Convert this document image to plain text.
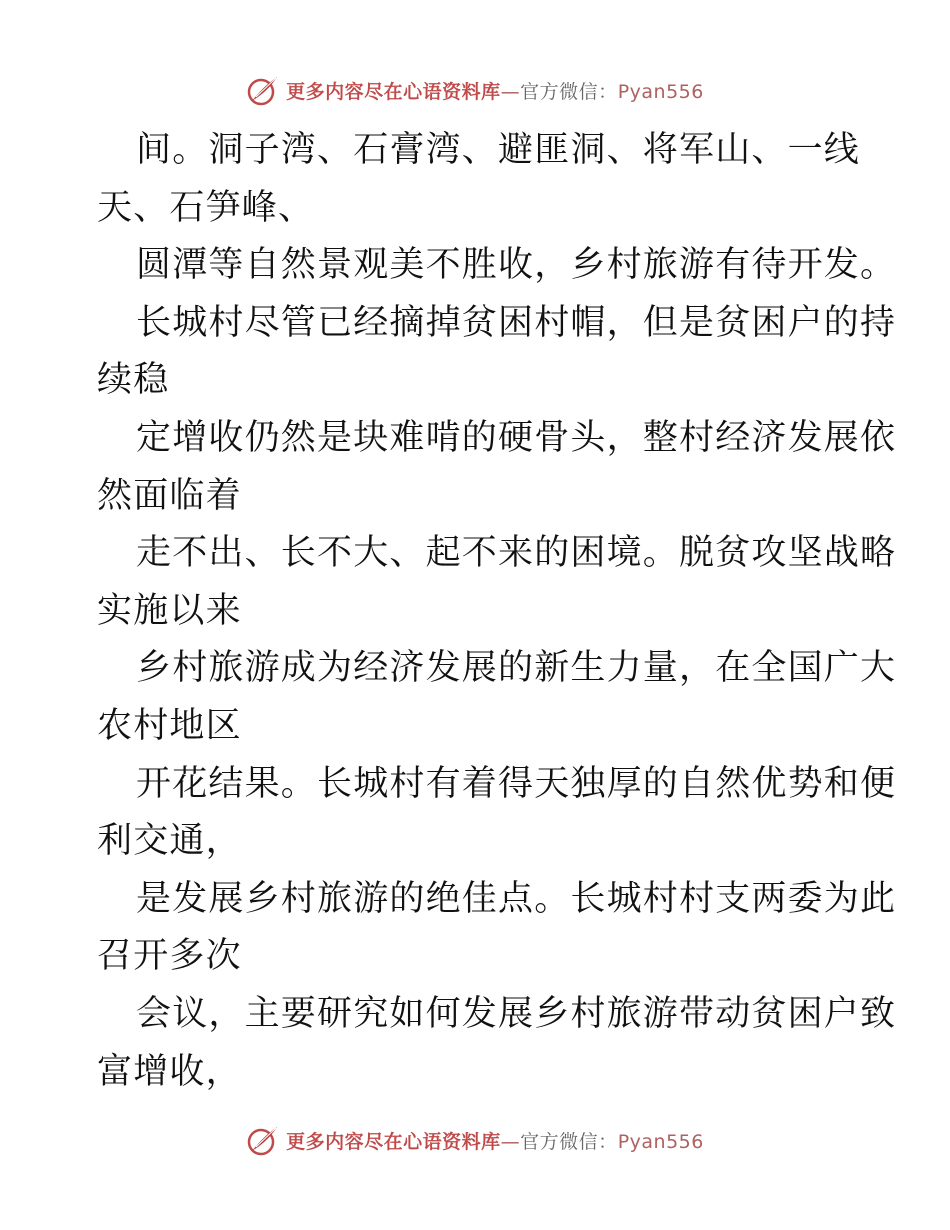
更多内容尽在心语资料库—官方微信：Pyan556
间。洞子湾、石膏湾、避匪洞、将军山、一线
天、石笋峰、
圆潭等自然景观美不胜收，乡村旅游有待开发。
长城村尽管已经摘掉贫困村帽，但是贫困户的持
续稳
定增收仍然是块难啃的硬骨头，整村经济发展依
然面临着
走不出、长不大、起不来的困境。脱贫攻坚战略
实施以来
乡村旅游成为经济发展的新生力量，在全国广大
农村地区
开花结果。长城村有着得天独厚的自然优势和便
利交通，
是发展乡村旅游的绝佳点。长城村村支两委为此
召开多次
会议，主要研究如何发展乡村旅游带动贫困户致
富增收，
更多内容尽在心语资料库—官方微信：Pyan556
